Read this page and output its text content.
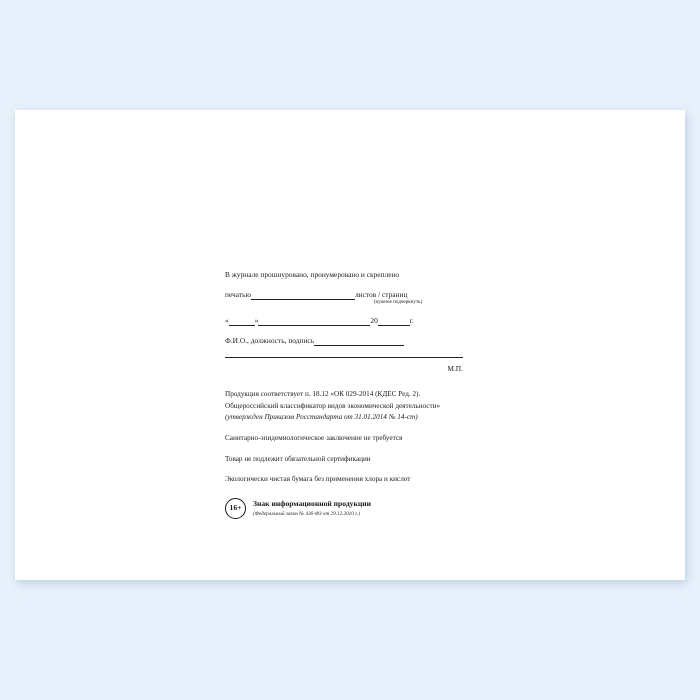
В журнале прошнуровано, пронумеровано и скреплено
печатью	листов / страниц
(нужное подчеркнуть)
«	»	20	г.
Ф.И.О., должность, подпись
М.П.

Продукция соответствует п. 18.12 «ОК 029-2014 (КДЕС Ред. 2).

Общероссийский классификатор видов экономической деятельности»

(утвержден Приказом Росстандарта от 31.01.2014 № 14-ст)

Санитарно-эпидемиологическое заключение не требуется

Товар не подлежит обязательной сертификации

Экологически чистая бумага без применения хлора и кислот

16+	Знак информационной продукции
(Федеральный закон № 436-ФЗ от 29.12.2010 г.)
